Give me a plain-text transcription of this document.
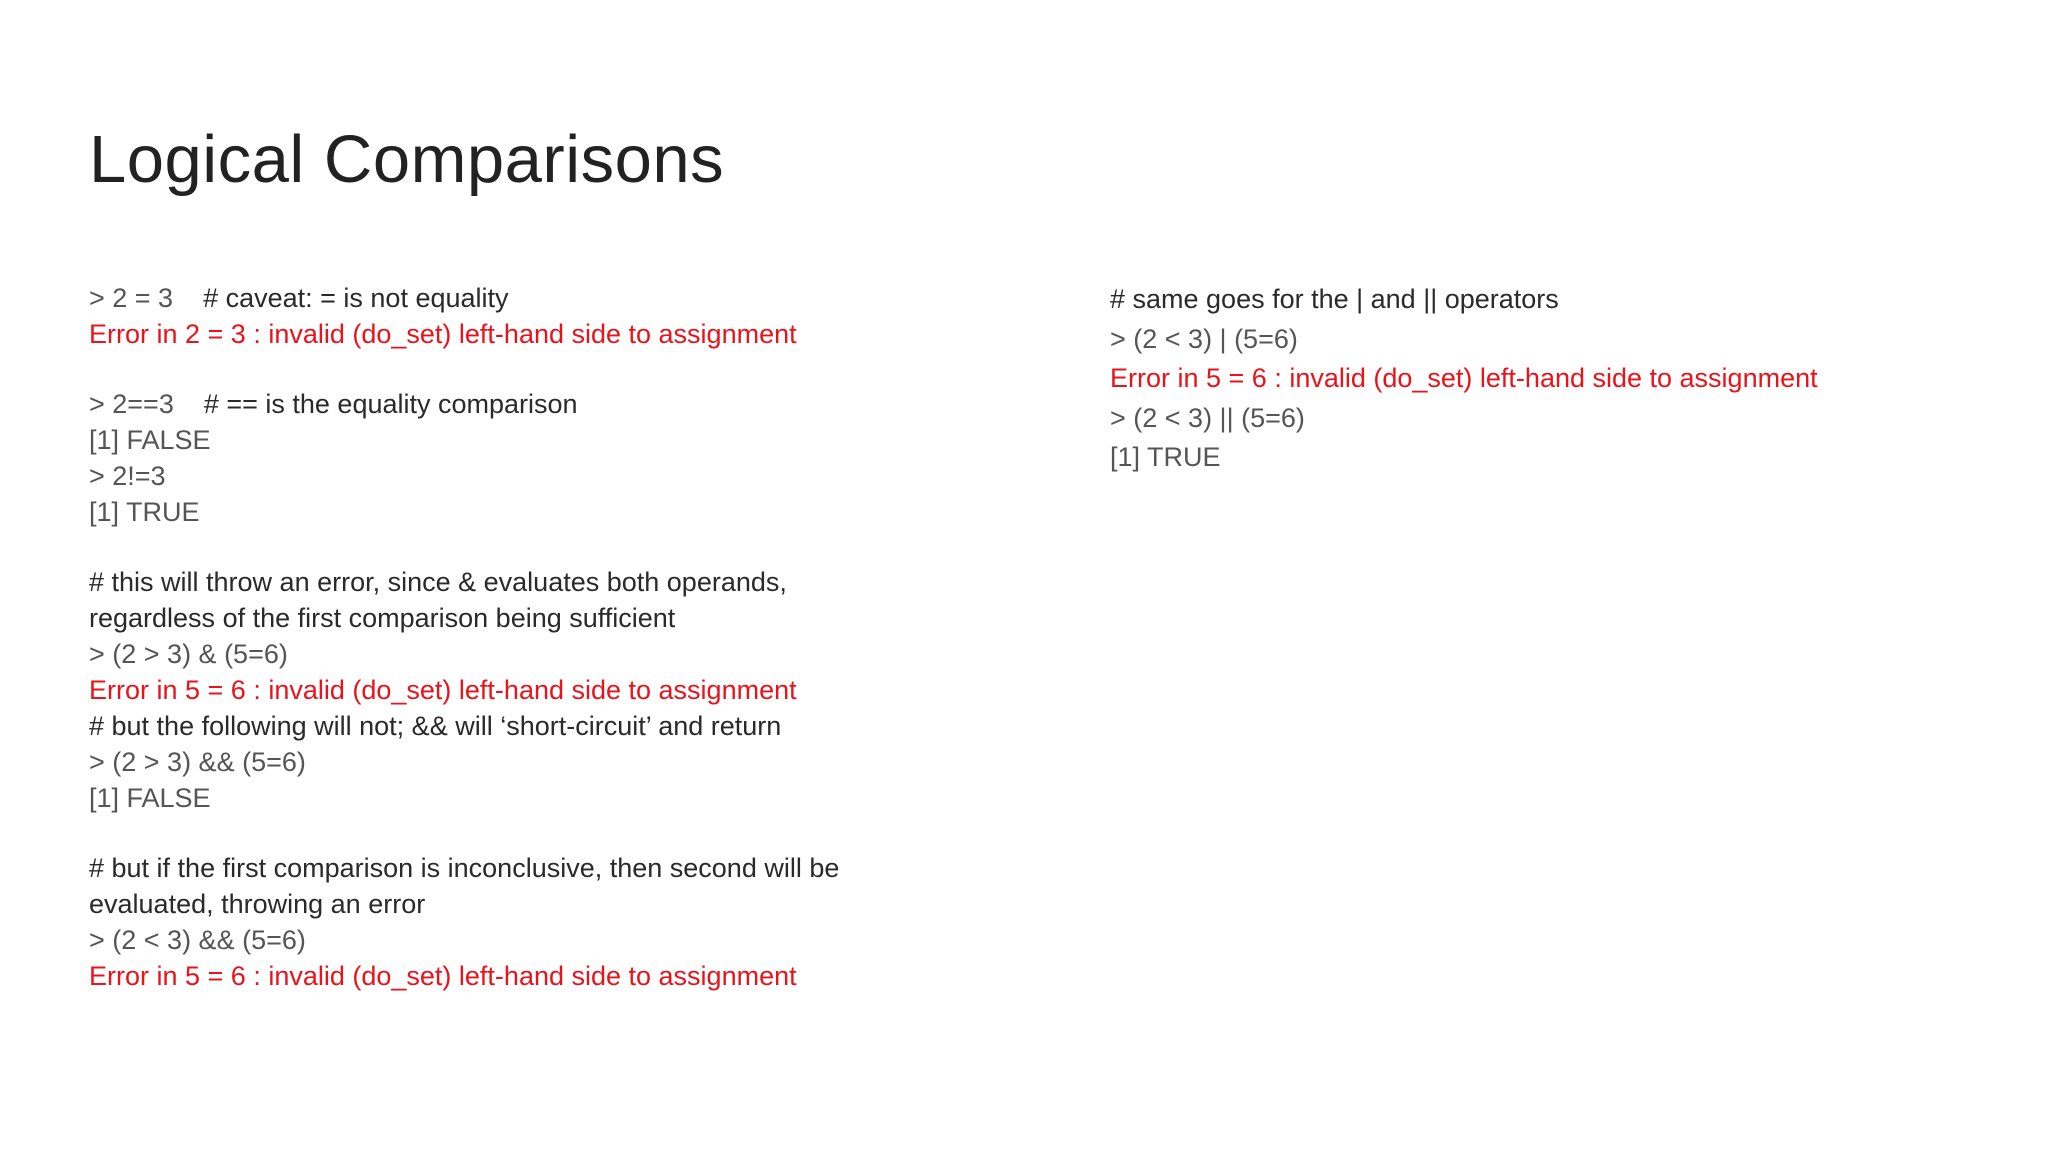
Logical Comparisons
> 2 = 3 # caveat: = is not equality
Error in 2 = 3 : invalid (do_set) left-hand side to assignment
> 2==3 # == is the equality comparison
[1] FALSE
> 2!=3
[1] TRUE
# this will throw an error, since & evaluates both operands,
regardless of the first comparison being sufficient
> (2 > 3) & (5=6)
Error in 5 = 6 : invalid (do_set) left-hand side to assignment
# but the following will not; && will ‘short-circuit’ and return
> (2 > 3) && (5=6)
[1] FALSE
# but if the first comparison is inconclusive, then second will be
evaluated, throwing an error
> (2 < 3) && (5=6)
Error in 5 = 6 : invalid (do_set) left-hand side to assignment
# same goes for the | and || operators
> (2 < 3) | (5=6)
Error in 5 = 6 : invalid (do_set) left-hand side to assignment
> (2 < 3) || (5=6)
[1] TRUE
